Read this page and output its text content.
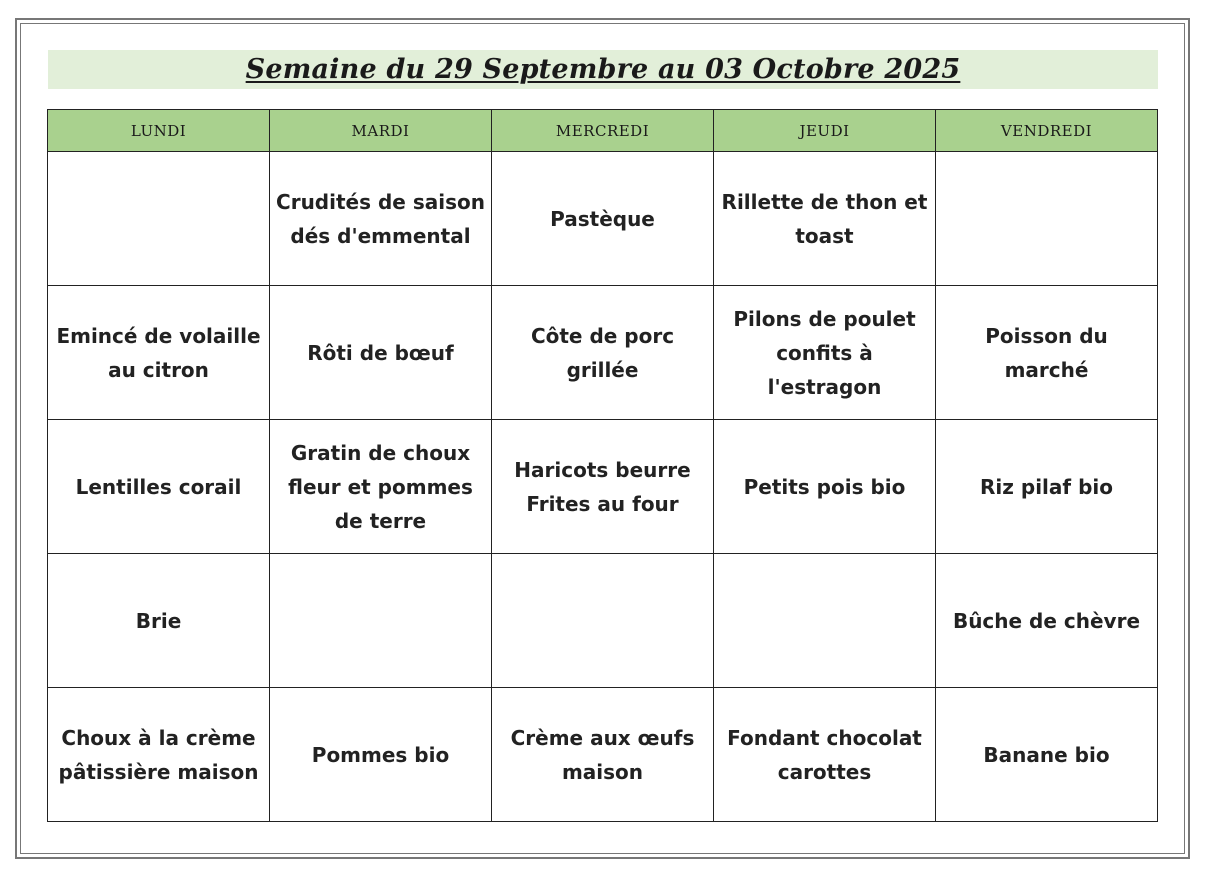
Semaine du 29 Septembre au 03 Octobre 2025
LUNDI	MARDI	MERCREDI	JEUDI	VENDREDI
	Crudités de saison dés d'emmental	Pastèque	Rillette de thon et toast	
Emincé de volaille au citron	Rôti de bœuf	Côte de porc grillée	Pilons de poulet confits à l'estragon	Poisson du marché
Lentilles corail	Gratin de choux fleur et pommes de terre	Haricots beurre Frites au four	Petits pois bio	Riz pilaf bio
Brie				Bûche de chèvre
Choux à la crème pâtissière maison	Pommes bio	Crème aux œufs maison	Fondant chocolat carottes	Banane bio
